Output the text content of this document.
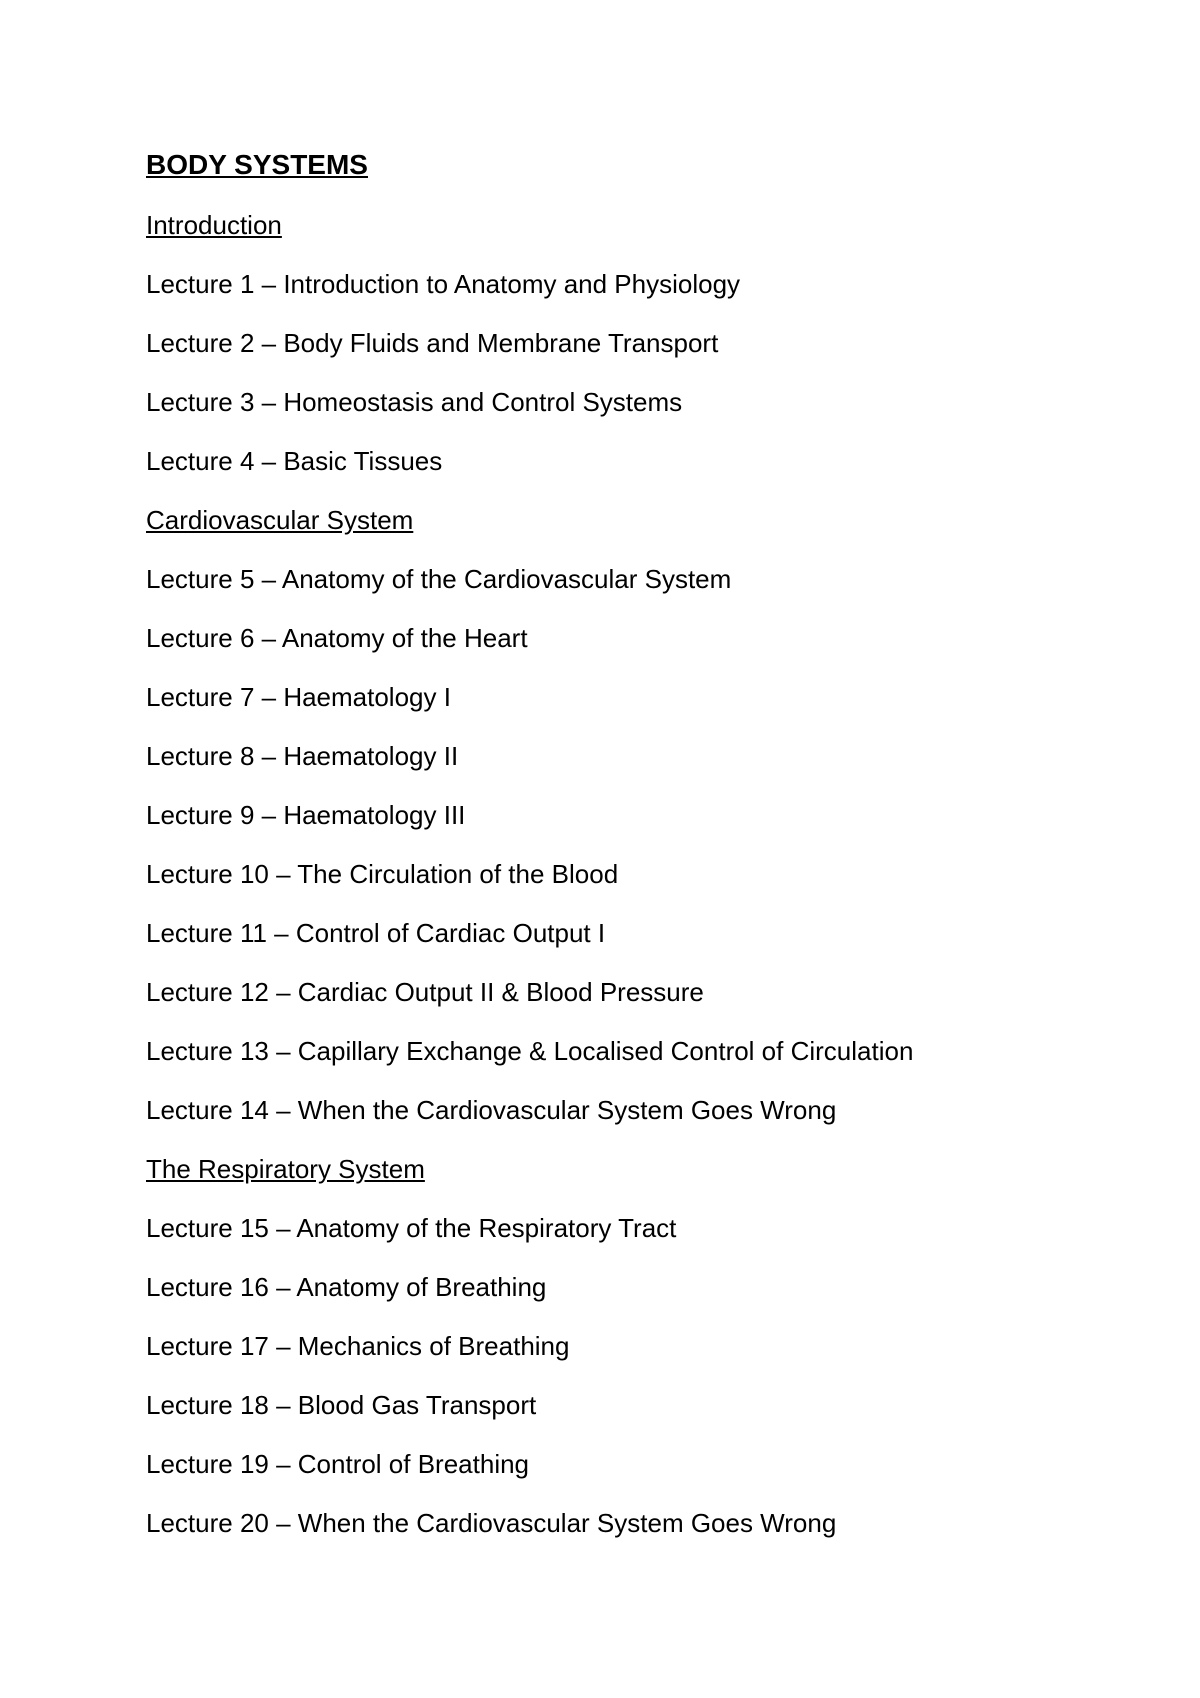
BODY SYSTEMS
Introduction
Lecture 1 – Introduction to Anatomy and Physiology
Lecture 2 – Body Fluids and Membrane Transport
Lecture 3 – Homeostasis and Control Systems
Lecture 4 – Basic Tissues
Cardiovascular System
Lecture 5 – Anatomy of the Cardiovascular System
Lecture 6 – Anatomy of the Heart
Lecture 7 – Haematology I
Lecture 8 – Haematology II
Lecture 9 – Haematology III
Lecture 10 – The Circulation of the Blood
Lecture 11 – Control of Cardiac Output I
Lecture 12 – Cardiac Output II & Blood Pressure
Lecture 13 – Capillary Exchange & Localised Control of Circulation
Lecture 14 – When the Cardiovascular System Goes Wrong
The Respiratory System
Lecture 15 – Anatomy of the Respiratory Tract
Lecture 16 – Anatomy of Breathing
Lecture 17 – Mechanics of Breathing
Lecture 18 – Blood Gas Transport
Lecture 19 – Control of Breathing
Lecture 20 – When the Cardiovascular System Goes Wrong
